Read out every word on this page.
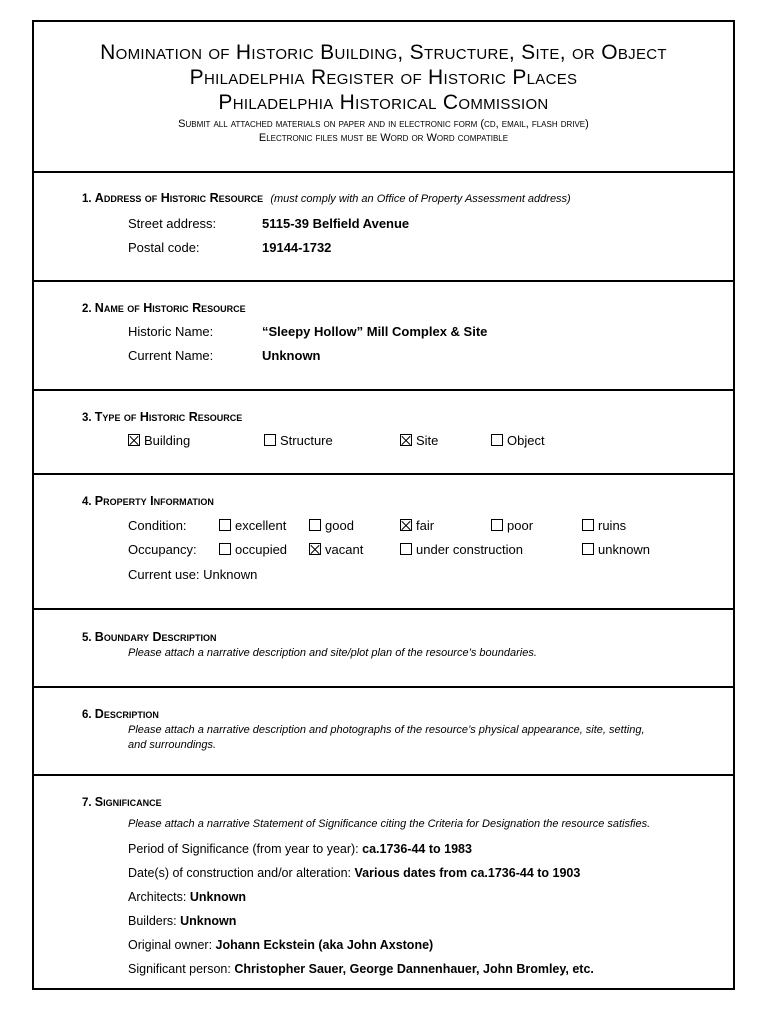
Nomination of Historic Building, Structure, Site, or Object
Philadelphia Register of Historic Places
Philadelphia Historical Commission
Submit all attached materials on paper and in electronic form (cd, email, flash drive)
Electronic files must be Word or Word compatible
1. Address of Historic Resource (must comply with an Office of Property Assessment address)
Street address:	5115-39 Belfield Avenue
Postal code:	19144-1732
2. Name of Historic Resource
Historic Name:	“Sleepy Hollow” Mill Complex & Site
Current Name:	Unknown
3. Type of Historic Resource
Building	Structure	Site	Object
4. Property Information
Condition:	excellent	good	fair	poor	ruins
Occupancy:	occupied	vacant	under construction	unknown
Current use: Unknown
5. Boundary Description
Please attach a narrative description and site/plot plan of the resource’s boundaries.
6. Description
Please attach a narrative description and photographs of the resource’s physical appearance, site, setting,
and surroundings.
7. Significance
Please attach a narrative Statement of Significance citing the Criteria for Designation the resource satisfies.
Period of Significance (from year to year): ca.1736-44 to 1983
Date(s) of construction and/or alteration: Various dates from ca.1736-44 to 1903
Architects: Unknown
Builders: Unknown
Original owner: Johann Eckstein (aka John Axstone)
Significant person: Christopher Sauer, George Dannenhauer, John Bromley, etc.
